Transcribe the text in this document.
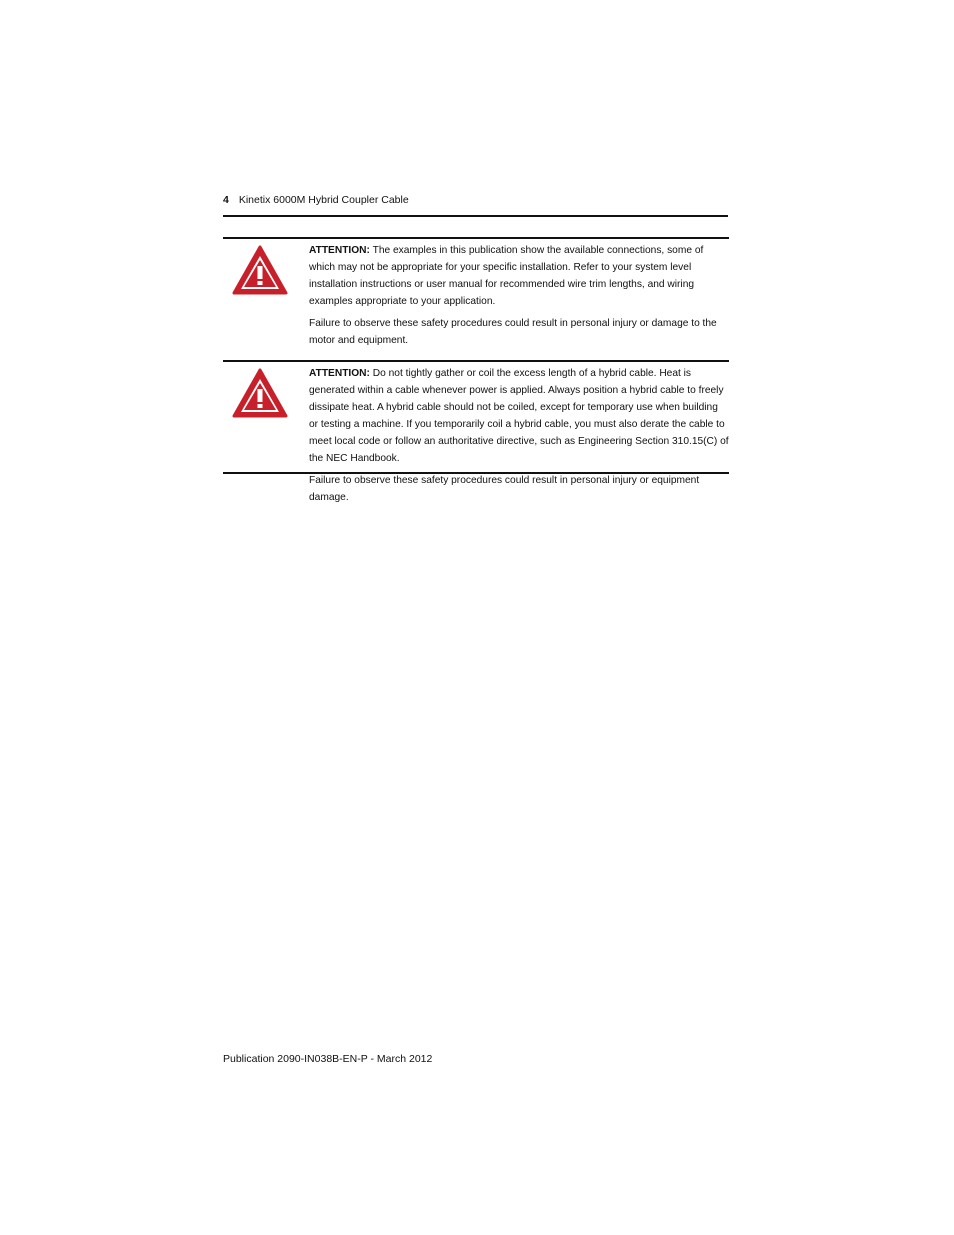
4 Kinetix 6000M Hybrid Coupler Cable

ATTENTION: The examples in this publication show the available connections, some of which may not be appropriate for your specific installation. Refer to your system level installation instructions or user manual for recommended wire trim lengths, and wiring examples appropriate to your application.

Failure to observe these safety procedures could result in personal injury or damage to the motor and equipment.

ATTENTION: Do not tightly gather or coil the excess length of a hybrid cable. Heat is generated within a cable whenever power is applied. Always position a hybrid cable to freely dissipate heat. A hybrid cable should not be coiled, except for temporary use when building or testing a machine. If you temporarily coil a hybrid cable, you must also derate the cable to meet local code or follow an authoritative directive, such as Engineering Section 310.15(C) of the NEC Handbook.

Failure to observe these safety procedures could result in personal injury or equipment damage.

Publication 2090-IN038B-EN-P - March 2012
